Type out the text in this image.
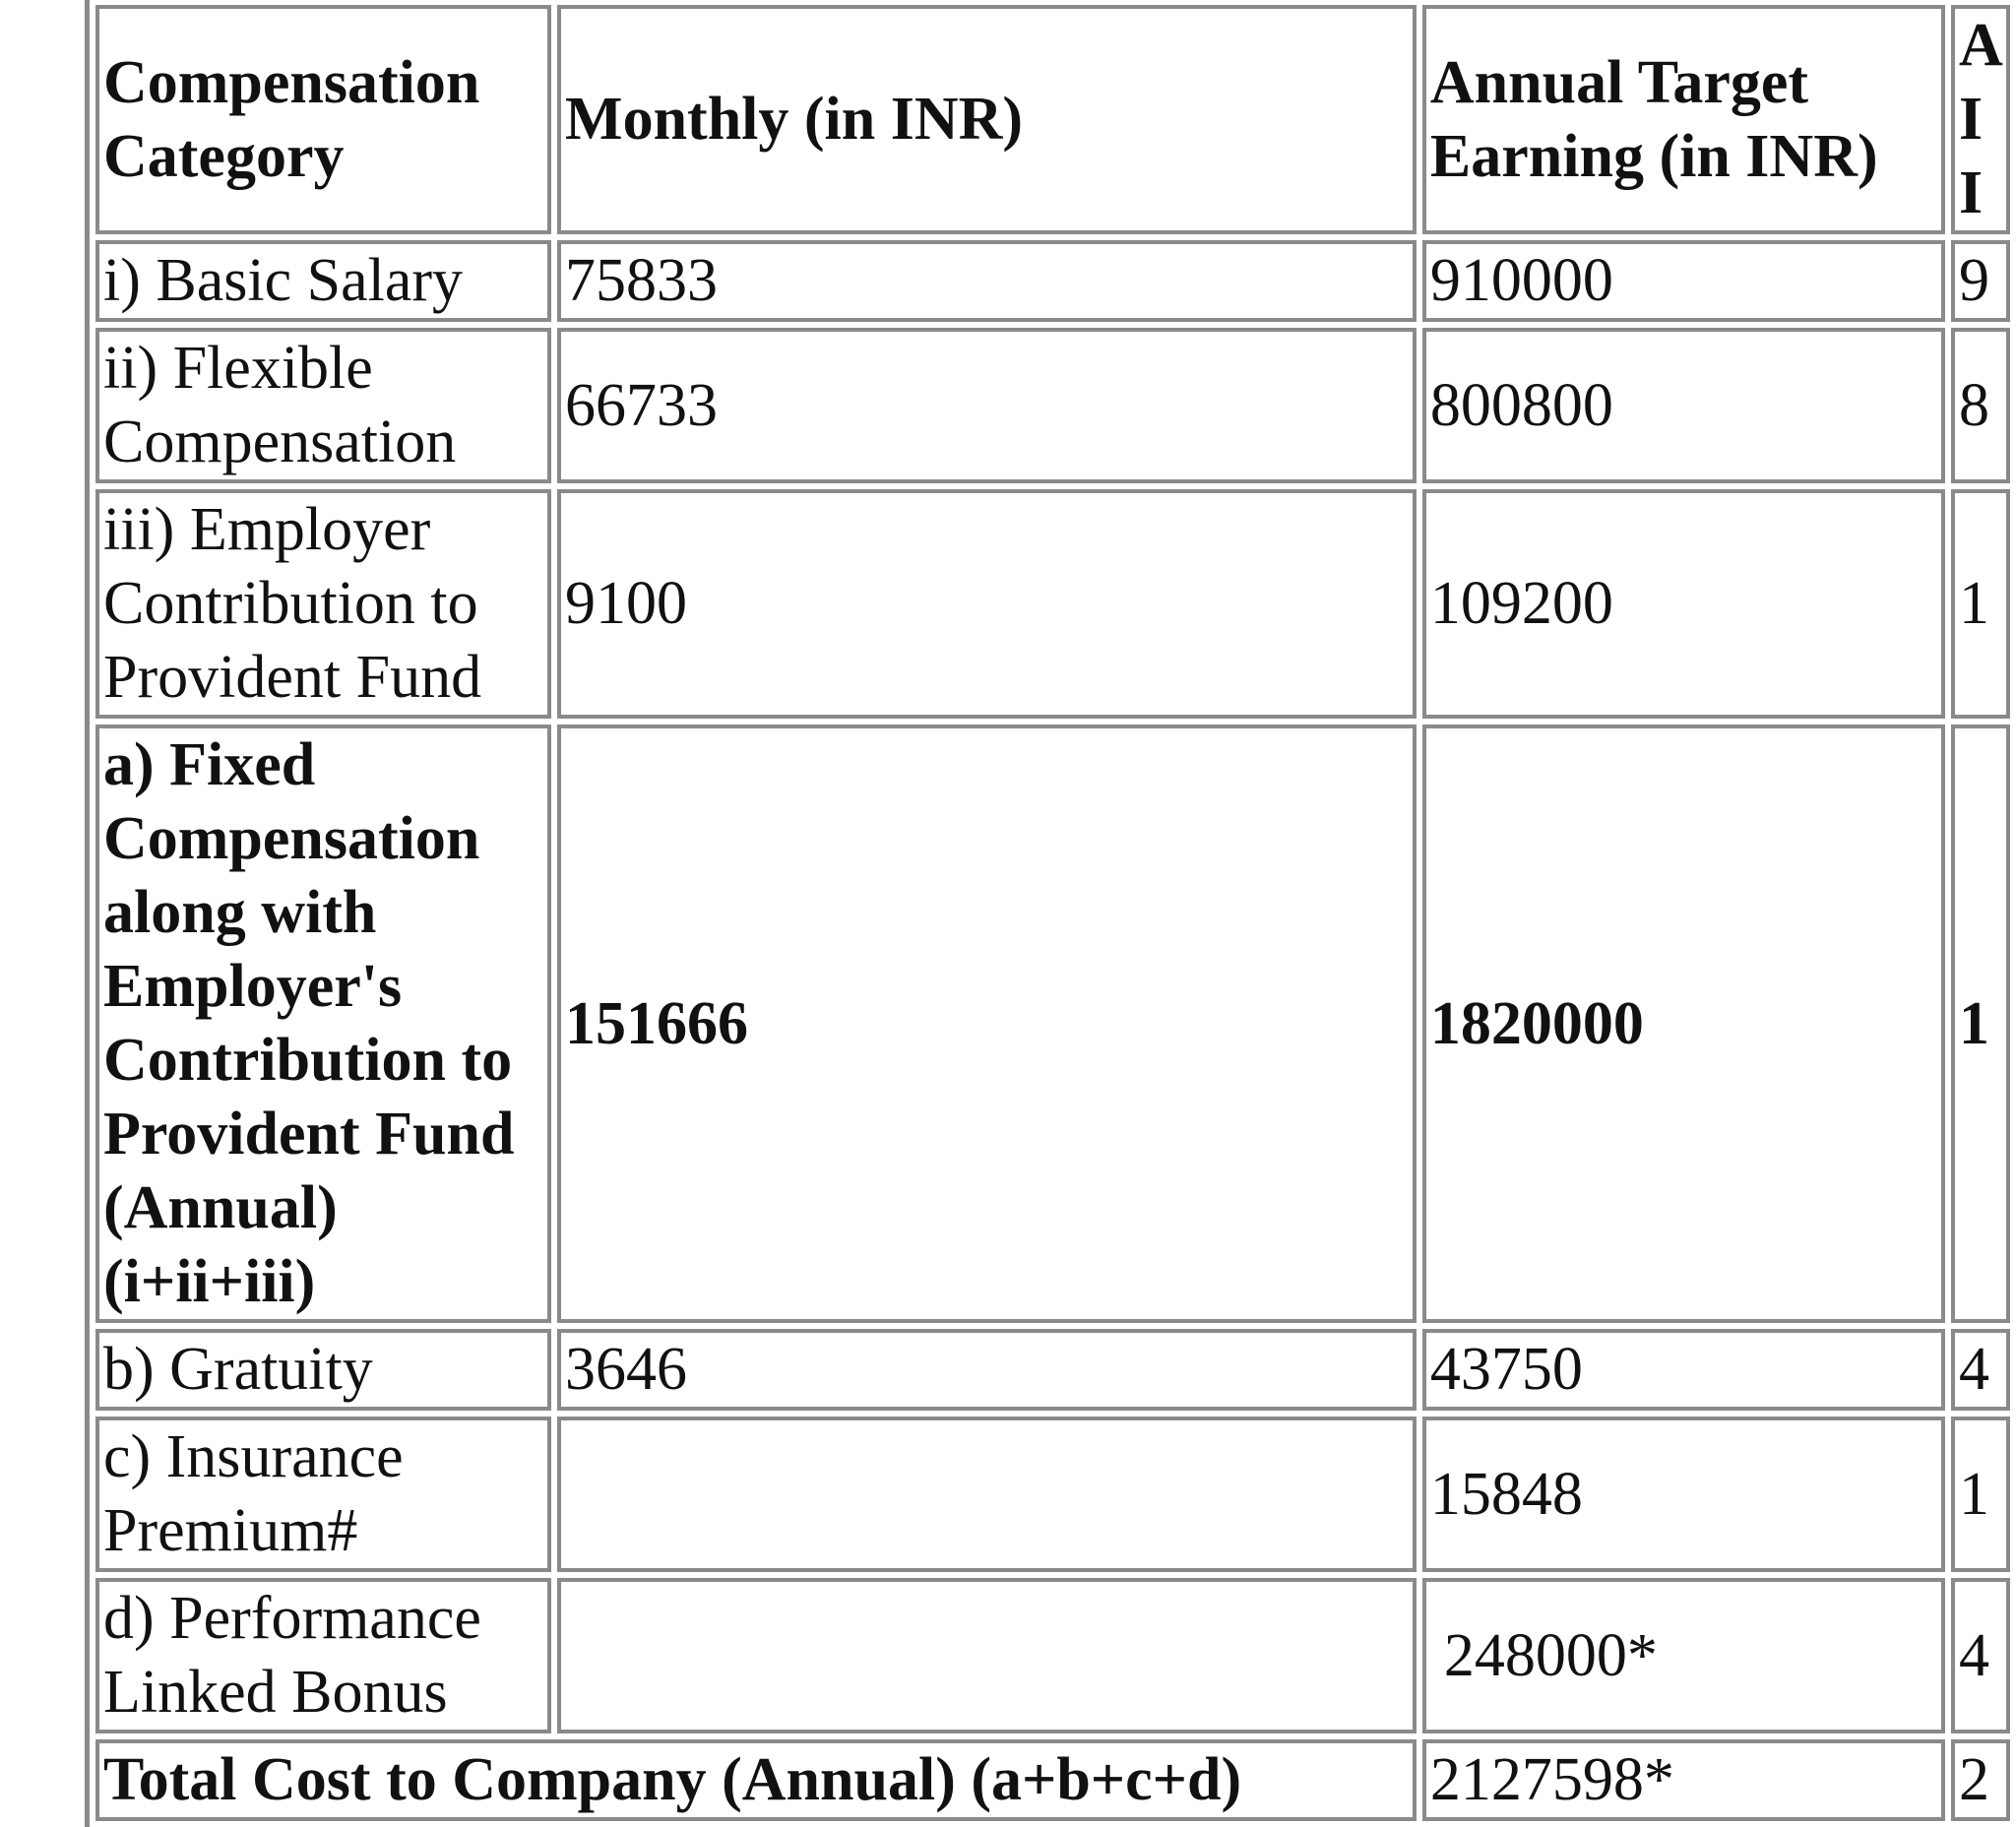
Compensation Category	Monthly (in INR)	Annual Target Earning (in INR)	A I I
i) Basic Salary	75833	910000	9
ii) Flexible Compensation	66733	800800	8
iii) Employer Contribution to Provident Fund	9100	109200	1
a) Fixed Compensation along with Employer's Contribution to Provident Fund (Annual) (i+ii+iii)	151666	1820000	1
b) Gratuity	3646	43750	4
c) Insurance Premium#		15848	1
d) Performance Linked Bonus		248000*	4
Total Cost to Company (Annual) (a+b+c+d)		2127598*	2
